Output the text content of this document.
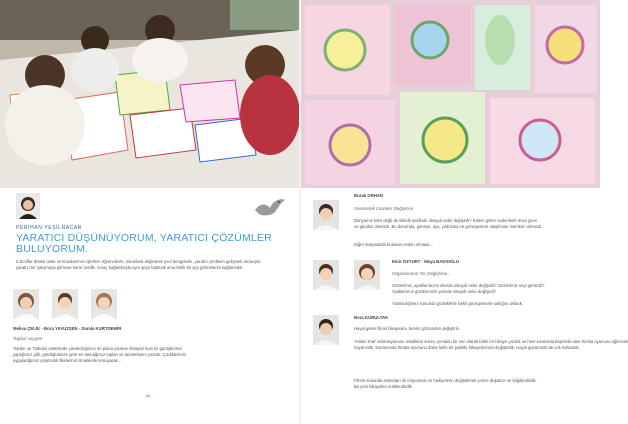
PERİHAN YEŞİLNACAR
YARATICI DÜŞÜNÜYORUM, YARATICI ÇÖZÜMLER
BULUYORUM.
2.Sınıflar dünkü ünite ve konularımızı işlerken öğrencilerle, sorunlara değinerek yeni dengelerle, yaratıcı problem gelişmek amacıyla
yaratıcı bir çalışmaya girmeye karar verdik. Amaç bağlantılıyla aynı şeye bakmak ama farklı bir şey görmelerini sağlamaktı.
Melisa ÇELİK - Bora YAVUZŞEN - Damla KURTDEMİR
Topları Uçuyor
Topları ve Tutkular ünitesinde yaratıcılığımızı ön plana çıkaran detaylar kum ile görüşlerimiz
yaptığımız gibi, gördüğümüze göre en tanıdığımız topları ve tanıtımlarını yazdık. Çizdiklerimiz
uyguladığımız yaratıcılık fikirlerinizi örneklerle konuşarak...
84
Burak ORHAN
Geometrik Cisimler Değişince
Dünyamız küre değil de silindir şeklinde olsaydı neler değişirdi? Kalem gelen nedenlerle önce gece
ve gündüz olmazdı. Bu durumda, güneşe, aya, yıldızlara ve gezegenlere ulaşılması mümkün olmazdı.
Diğer dünyalarda bulunan neden olmasa...
Emir ÖZYURT - Maya BAKIOĞLU
Organlarımız Yer Değiştirse...
Gözlerimiz, ayaklarımızın altında olsaydı neler değişirdi? Gözlerimiz neyi görürdü?
Ayaklarımız gözlerimizin yerinde olsaydı neler değişirdi?
Yaratıcılığımız sonunda gözlüklerle farklı gezegenlerin varlığını anlatık.
Bora KURULTAK
Hayal gelen filmin hikayesini, benim gözümden değiştirin.
'Arslan Kral' animasyonunu izledikten sonra, yeniden bir son olarak farklı bir hikaye yazdık ve hem sırasında başrolde olan Simba oyununu eğlenceli
hayal ettik. Sonrasında Simba oyununu daha farklı bir şekilde hikayelerimizi değiştirdik. Hayal gücümüzü de çok kullandık.
Filmin sonunda arslanları ile empomasi ve hediyelerin değiştirmek yerine düşünce ve bilgilendirdik.
Bu yeni hikayeleri renklendirdik.
